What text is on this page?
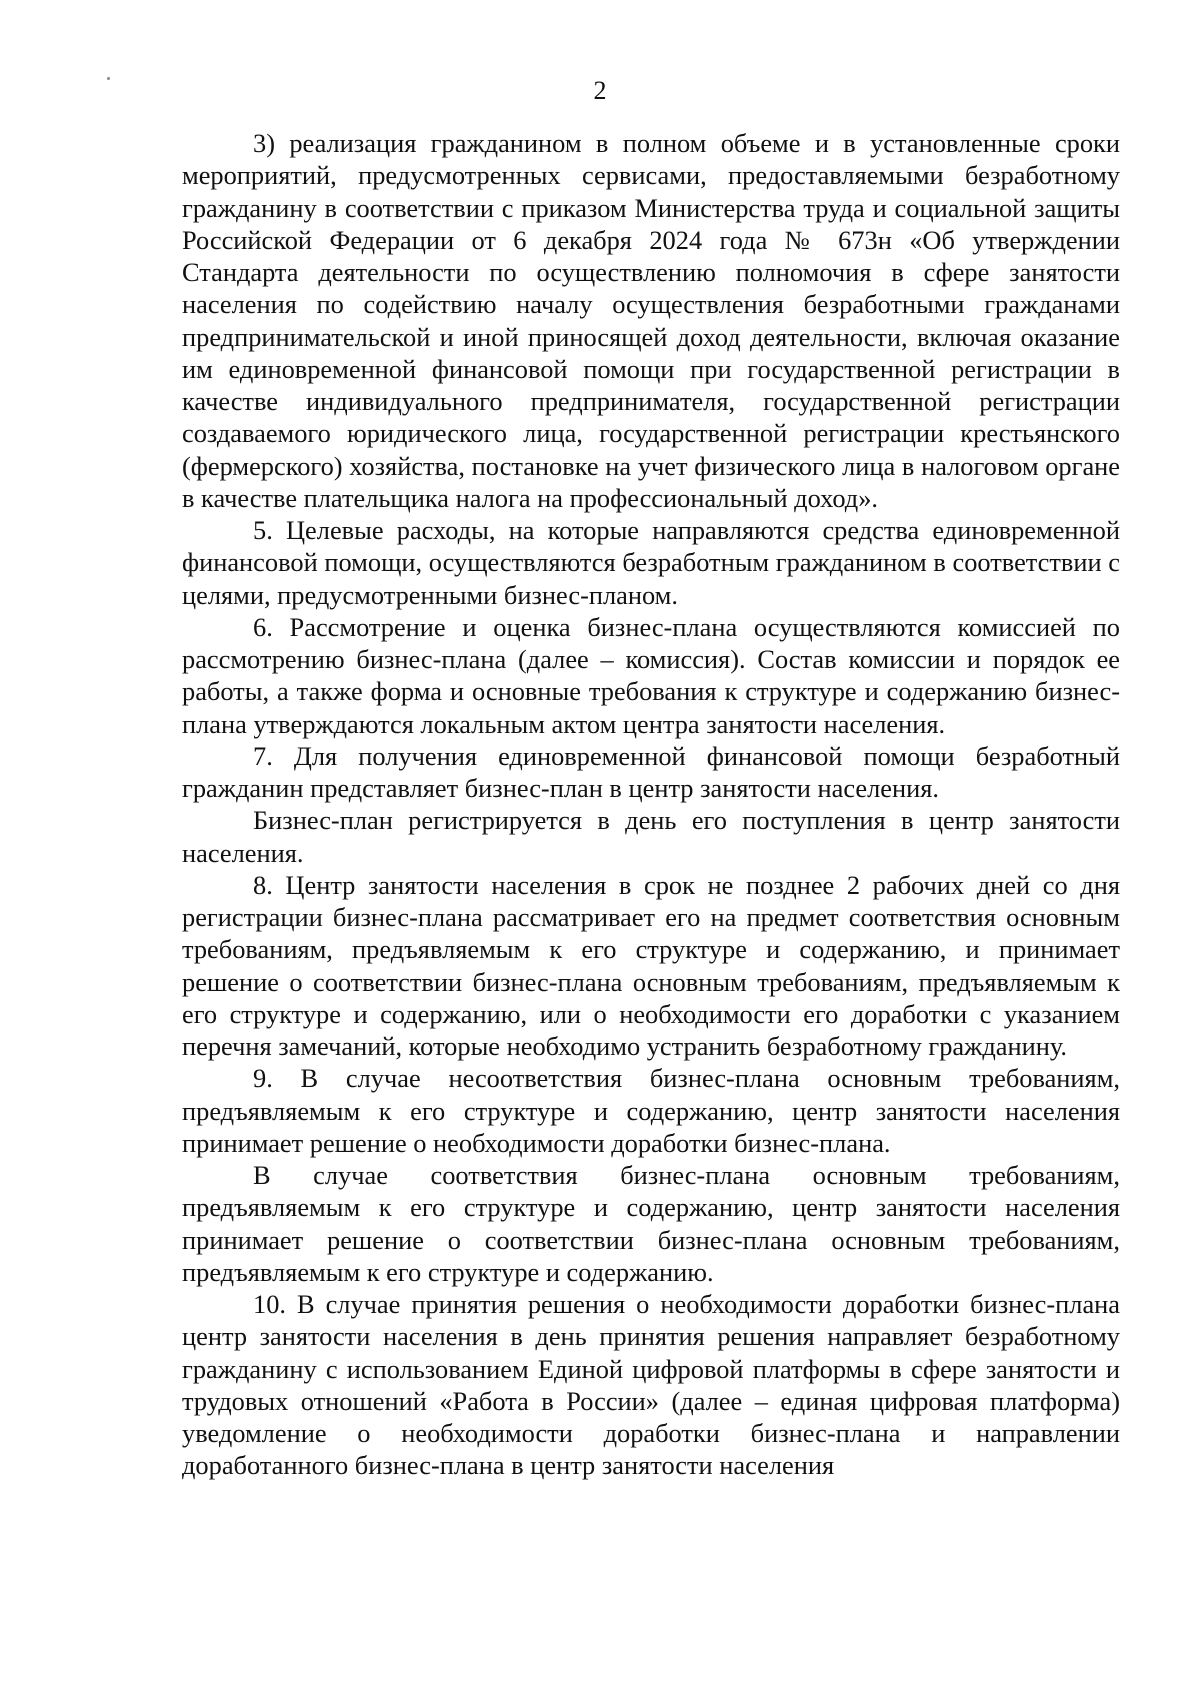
2

3) реализация гражданином в полном объеме и в установленные сроки мероприятий, предусмотренных сервисами, предоставляемыми безработному гражданину в соответствии с приказом Министерства труда и социальной защиты Российской Федерации от 6 декабря 2024 года № 673н «Об утверждении Стандарта деятельности по осуществлению полномочия в сфере занятости населения по содействию началу осуществления безработными гражданами предпринимательской и иной приносящей доход деятельности, включая оказание им единовременной финансовой помощи при государственной регистрации в качестве индивидуального предпринимателя, государственной регистрации создаваемого юридического лица, государственной регистрации крестьянского (фермерского) хозяйства, постановке на учет физического лица в налоговом органе в качестве плательщика налога на профессиональный доход».

5. Целевые расходы, на которые направляются средства единовременной финансовой помощи, осуществляются безработным гражданином в соответствии с целями, предусмотренными бизнес-планом.

6. Рассмотрение и оценка бизнес-плана осуществляются комиссией по рассмотрению бизнес-плана (далее – комиссия). Состав комиссии и порядок ее работы, а также форма и основные требования к структуре и содержанию бизнес-плана утверждаются локальным актом центра занятости населения.

7. Для получения единовременной финансовой помощи безработный гражданин представляет бизнес-план в центр занятости населения.

Бизнес-план регистрируется в день его поступления в центр занятости населения.

8. Центр занятости населения в срок не позднее 2 рабочих дней со дня регистрации бизнес-плана рассматривает его на предмет соответствия основным требованиям, предъявляемым к его структуре и содержанию, и принимает решение о соответствии бизнес-плана основным требованиям, предъявляемым к его структуре и содержанию, или о необходимости его доработки с указанием перечня замечаний, которые необходимо устранить безработному гражданину.

9. В случае несоответствия бизнес-плана основным требованиям, предъявляемым к его структуре и содержанию, центр занятости населения принимает решение о необходимости доработки бизнес-плана.

В случае соответствия бизнес-плана основным требованиям, предъявляемым к его структуре и содержанию, центр занятости населения принимает решение о соответствии бизнес-плана основным требованиям, предъявляемым к его структуре и содержанию.

10. В случае принятия решения о необходимости доработки бизнес-плана центр занятости населения в день принятия решения направляет безработному гражданину с использованием Единой цифровой платформы в сфере занятости и трудовых отношений «Работа в России» (далее – единая цифровая платформа) уведомление о необходимости доработки бизнес-плана и направлении доработанного бизнес-плана в центр занятости населения
